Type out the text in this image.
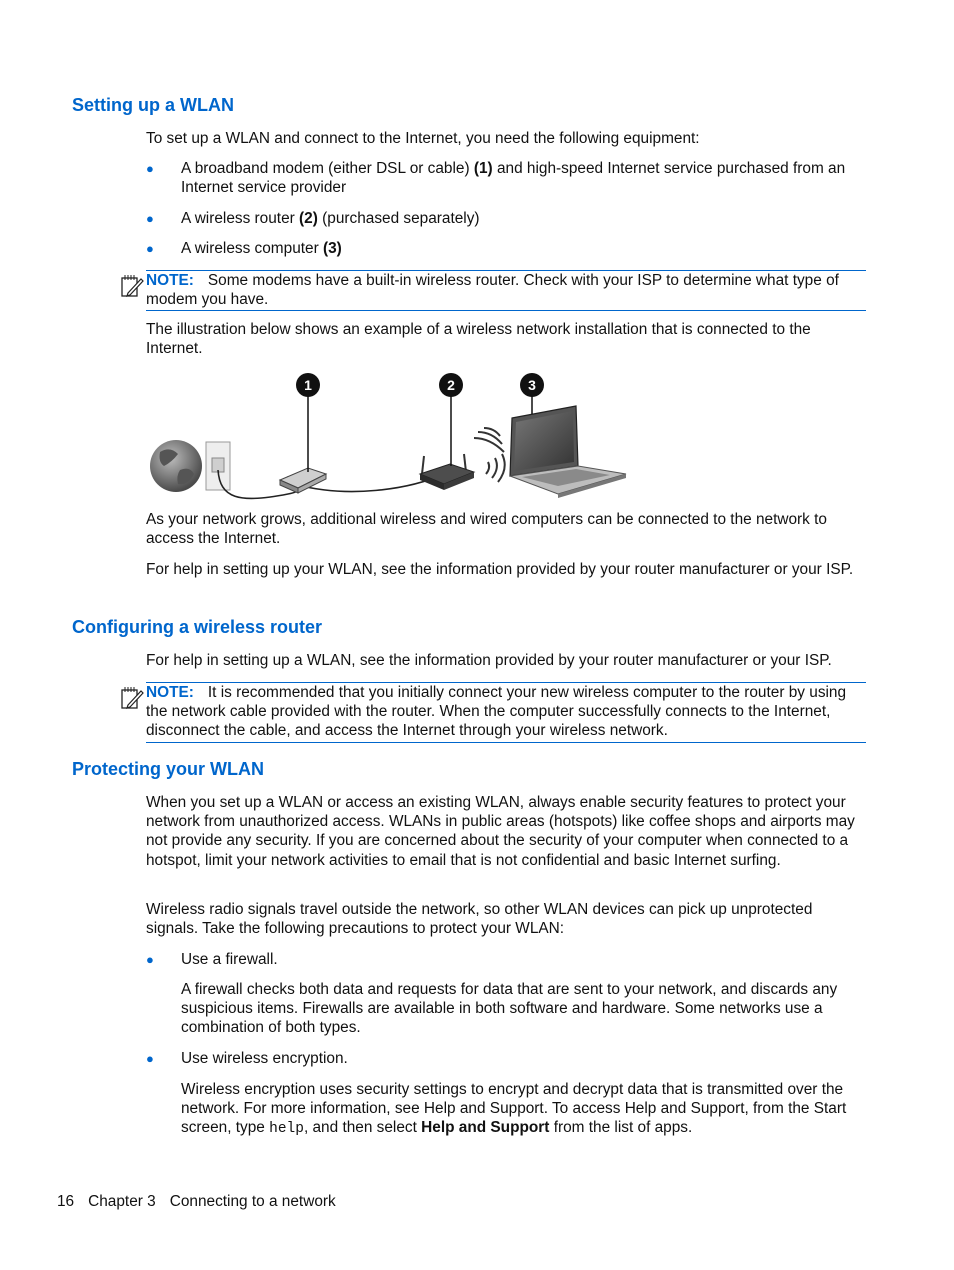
Setting up a WLAN

To set up a WLAN and connect to the Internet, you need the following equipment:

● A broadband modem (either DSL or cable) (1) and high-speed Internet service purchased from an Internet service provider
● A wireless router (2) (purchased separately)
● A wireless computer (3)
NOTE: Some modems have a built-in wireless router. Check with your ISP to determine what type of modem you have.

The illustration below shows an example of a wireless network installation that is connected to the Internet.

1	2	3

As your network grows, additional wireless and wired computers can be connected to the network to access the Internet.

For help in setting up your WLAN, see the information provided by your router manufacturer or your ISP.

Configuring a wireless router

For help in setting up a WLAN, see the information provided by your router manufacturer or your ISP.

NOTE: It is recommended that you initially connect your new wireless computer to the router by using the network cable provided with the router. When the computer successfully connects to the Internet, disconnect the cable, and access the Internet through your wireless network.
Protecting your WLAN

When you set up a WLAN or access an existing WLAN, always enable security features to protect your network from unauthorized access. WLANs in public areas (hotspots) like coffee shops and airports may not provide any security. If you are concerned about the security of your computer when connected to a hotspot, limit your network activities to email that is not confidential and basic Internet surfing.

Wireless radio signals travel outside the network, so other WLAN devices can pick up unprotected signals. Take the following precautions to protect your WLAN:

● Use a firewall.

A firewall checks both data and requests for data that are sent to your network, and discards any suspicious items. Firewalls are available in both software and hardware. Some networks use a combination of both types.

● Use wireless encryption.

Wireless encryption uses security settings to encrypt and decrypt data that is transmitted over the network. For more information, see Help and Support. To access Help and Support, from the Start screen, type help, and then select Help and Support from the list of apps.

16 Chapter 3 Connecting to a network
